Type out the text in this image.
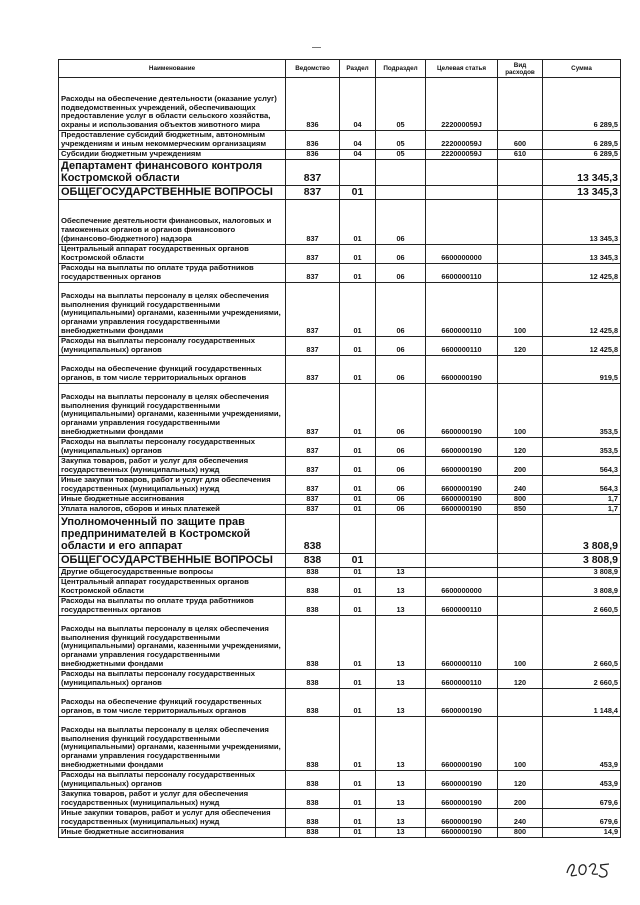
Наименование	Ведомство	Раздел	Подраздел	Целевая статья	Вид расходов	Сумма
Расходы на обеспечение деятельности (оказание услуг) подведомственных учреждений, обеспечивающих предоставление услуг в области сельского хозяйства, охраны и использования объектов животного мира	836	04	05	222000059J		6 289,5
Предоставление субсидий бюджетным, автономным учреждениям и иным некоммерческим организациям	836	04	05	222000059J	600	6 289,5
Субсидии бюджетным учреждениям	836	04	05	222000059J	610	6 289,5
Департамент финансового контроля Костромской области	837					13 345,3
ОБЩЕГОСУДАРСТВЕННЫЕ ВОПРОСЫ	837	01				13 345,3
Обеспечение деятельности финансовых, налоговых и таможенных органов и органов финансового (финансово-бюджетного) надзора	837	01	06			13 345,3
Центральный аппарат государственных органов Костромской области	837	01	06	6600000000		13 345,3
Расходы на выплаты по оплате труда работников государственных органов	837	01	06	6600000110		12 425,8
Расходы на выплаты персоналу в целях обеспечения выполнения функций государственными (муниципальными) органами, казенными учреждениями, органами управления государственными внебюджетными фондами	837	01	06	6600000110	100	12 425,8
Расходы на выплаты персоналу государственных (муниципальных) органов	837	01	06	6600000110	120	12 425,8
Расходы на обеспечение функций государственных органов, в том числе территориальных органов	837	01	06	6600000190		919,5
Расходы на выплаты персоналу в целях обеспечения выполнения функций государственными (муниципальными) органами, казенными учреждениями, органами управления государственными внебюджетными фондами	837	01	06	6600000190	100	353,5
Расходы на выплаты персоналу государственных (муниципальных) органов	837	01	06	6600000190	120	353,5
Закупка товаров, работ и услуг для обеспечения государственных (муниципальных) нужд	837	01	06	6600000190	200	564,3
Иные закупки товаров, работ и услуг для обеспечения государственных (муниципальных) нужд	837	01	06	6600000190	240	564,3
Иные бюджетные ассигнования	837	01	06	6600000190	800	1,7
Уплата налогов, сборов и иных платежей	837	01	06	6600000190	850	1,7
Уполномоченный по защите прав предпринимателей в Костромской области и его аппарат	838					3 808,9
ОБЩЕГОСУДАРСТВЕННЫЕ ВОПРОСЫ	838	01				3 808,9
Другие общегосударственные вопросы	838	01	13			3 808,9
Центральный аппарат государственных органов Костромской области	838	01	13	6600000000		3 808,9
Расходы на выплаты по оплате труда работников государственных органов	838	01	13	6600000110		2 660,5
Расходы на выплаты персоналу в целях обеспечения выполнения функций государственными (муниципальными) органами, казенными учреждениями, органами управления государственными внебюджетными фондами	838	01	13	6600000110	100	2 660,5
Расходы на выплаты персоналу государственных (муниципальных) органов	838	01	13	6600000110	120	2 660,5
Расходы на обеспечение функций государственных органов, в том числе территориальных органов	838	01	13	6600000190		1 148,4
Расходы на выплаты персоналу в целях обеспечения выполнения функций государственными (муниципальными) органами, казенными учреждениями, органами управления государственными внебюджетными фондами	838	01	13	6600000190	100	453,9
Расходы на выплаты персоналу государственных (муниципальных) органов	838	01	13	6600000190	120	453,9
Закупка товаров, работ и услуг для обеспечения государственных (муниципальных) нужд	838	01	13	6600000190	200	679,6
Иные закупки товаров, работ и услуг для обеспечения государственных (муниципальных) нужд	838	01	13	6600000190	240	679,6
Иные бюджетные ассигнования	838	01	13	6600000190	800	14,9
